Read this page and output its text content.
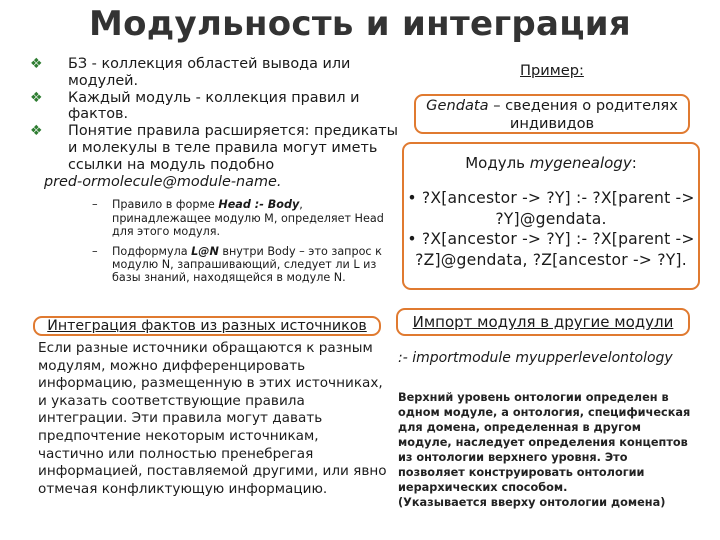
Модульность и интеграция
❖ БЗ - коллекция областей вывода или модулей.
❖ Каждый модуль - коллекция правил и фактов.
❖ Понятие правила расширяется: предикаты и молекулы в теле правила могут иметь ссылки на модуль подобно
pred-ormolecule@module-name.
– Правило в форме Head :- Body, принадлежащее модулю M, определяет Head для этого модуля.
– Подформула L@N внутри Body – это запрос к модулю N, запрашивающий, следует ли L из базы знаний, находящейся в модуле N.
Пример:
Gendata – сведения о родителях индивидов
Модуль mygenealogy:
• ?X[ancestor -> ?Y] :- ?X[parent -> ?Y]@gendata.
• ?X[ancestor -> ?Y] :- ?X[parent -> ?Z]@gendata, ?Z[ancestor -> ?Y].
Интеграция фактов из разных источников
Если разные источники обращаются к разным модулям, можно дифференцировать информацию, размещенную в этих источниках, и указать соответствующие правила интеграции. Эти правила могут давать предпочтение некоторым источникам, частично или полностью пренебрегая информацией, поставляемой другими, или явно отмечая конфликтующую информацию.
Импорт модуля в другие модули
:- importmodule myupperlevelontology
Верхний уровень онтологии определен в одном модуле, а онтология, специфическая для домена, определенная в другом модуле, наследует определения концептов из онтологии верхнего уровня. Это позволяет конструировать онтологии иерархических способом.
(Указывается вверху онтологии домена)
